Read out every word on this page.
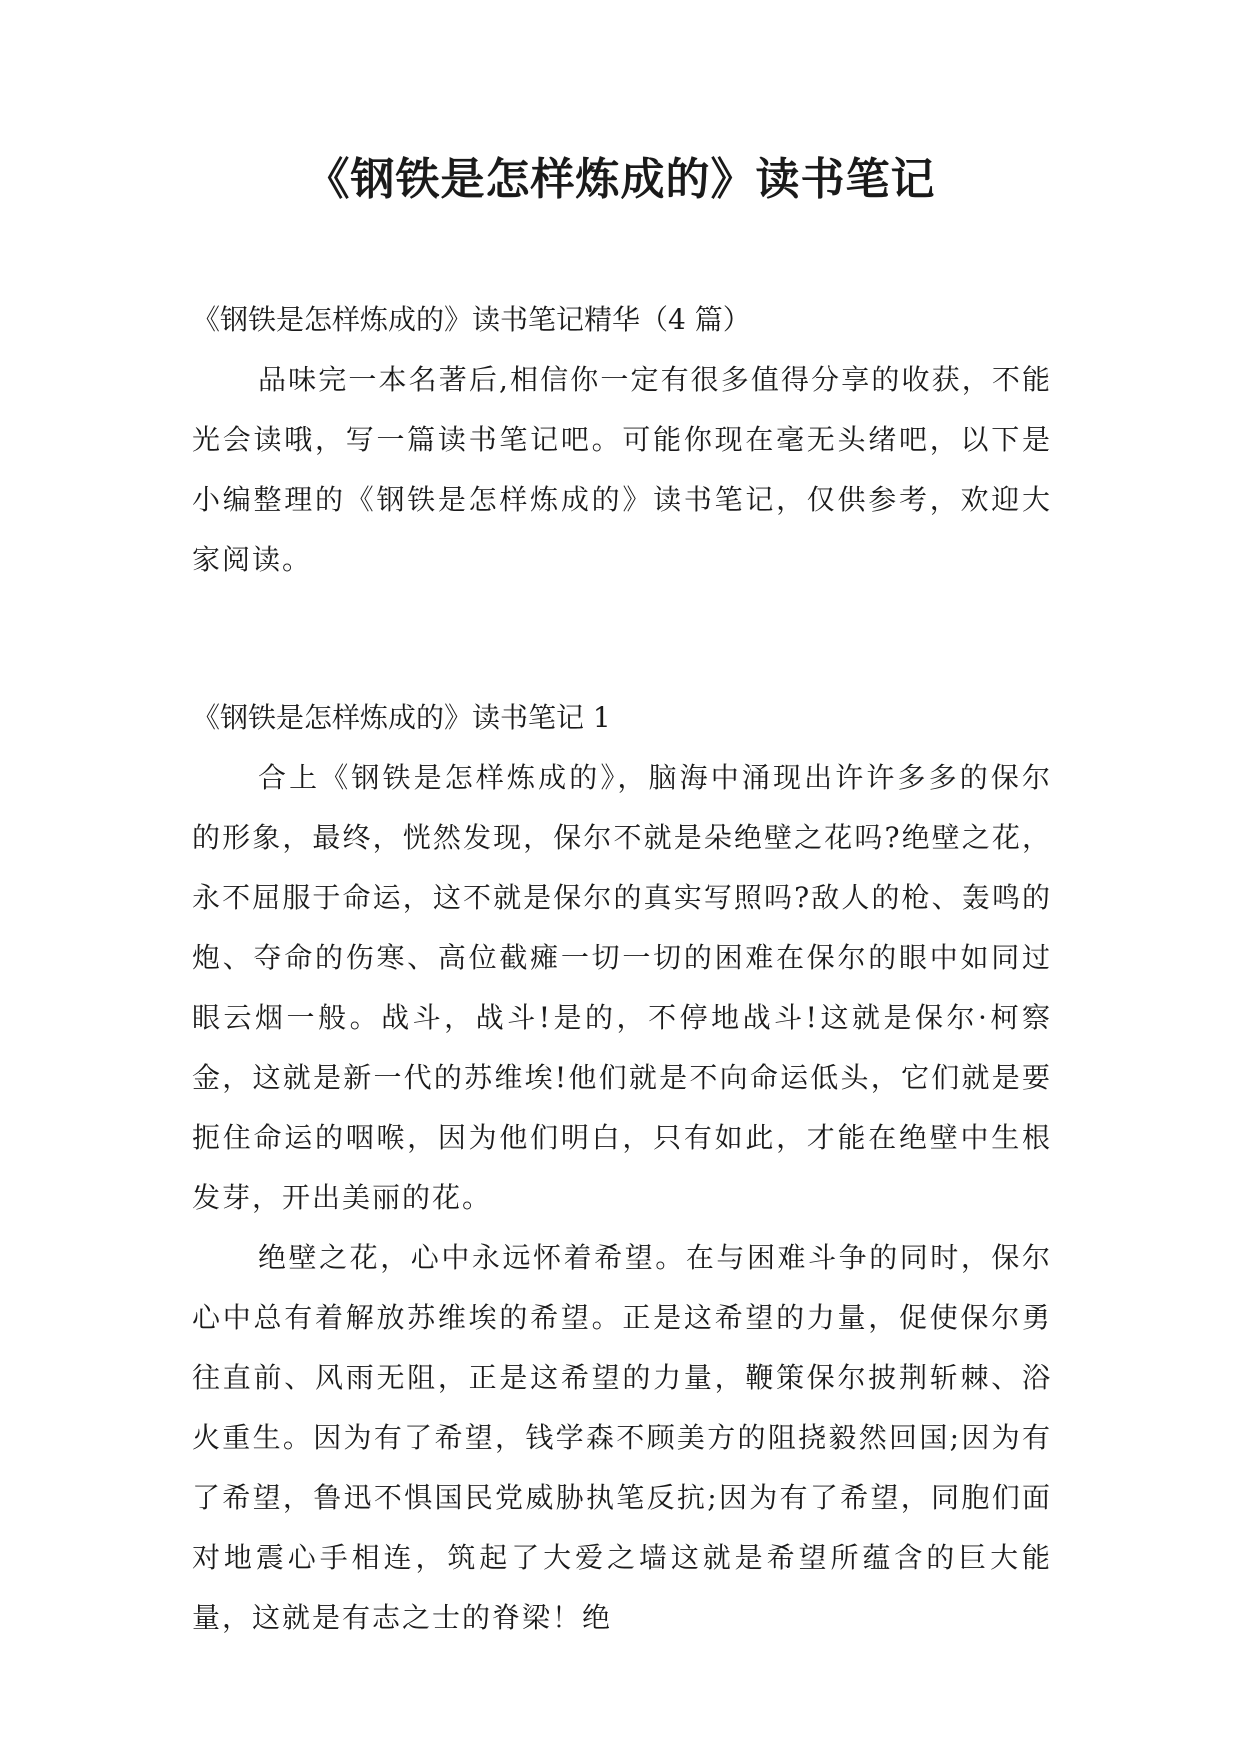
《钢铁是怎样炼成的》读书笔记

《钢铁是怎样炼成的》读书笔记精华（4 篇）

品味完一本名著后,相信你一定有很多值得分享的收获，不能光会读哦，写一篇读书笔记吧。可能你现在毫无头绪吧，以下是小编整理的《钢铁是怎样炼成的》读书笔记，仅供参考，欢迎大家阅读。

《钢铁是怎样炼成的》读书笔记 1

合上《钢铁是怎样炼成的》，脑海中涌现出许许多多的保尔的形象，最终，恍然发现，保尔不就是朵绝壁之花吗?绝壁之花，永不屈服于命运，这不就是保尔的真实写照吗?敌人的枪、轰鸣的炮、夺命的伤寒、高位截瘫一切一切的困难在保尔的眼中如同过眼云烟一般。战斗，战斗!是的，不停地战斗!这就是保尔·柯察金，这就是新一代的苏维埃!他们就是不向命运低头，它们就是要扼住命运的咽喉，因为他们明白，只有如此，才能在绝壁中生根发芽，开出美丽的花。

绝壁之花，心中永远怀着希望。在与困难斗争的同时，保尔心中总有着解放苏维埃的希望。正是这希望的力量，促使保尔勇往直前、风雨无阻，正是这希望的力量，鞭策保尔披荆斩棘、浴火重生。因为有了希望，钱学森不顾美方的阻挠毅然回国;因为有了希望，鲁迅不惧国民党威胁执笔反抗;因为有了希望，同胞们面对地震心手相连，筑起了大爱之墙这就是希望所蕴含的巨大能量，这就是有志之士的脊梁！绝
